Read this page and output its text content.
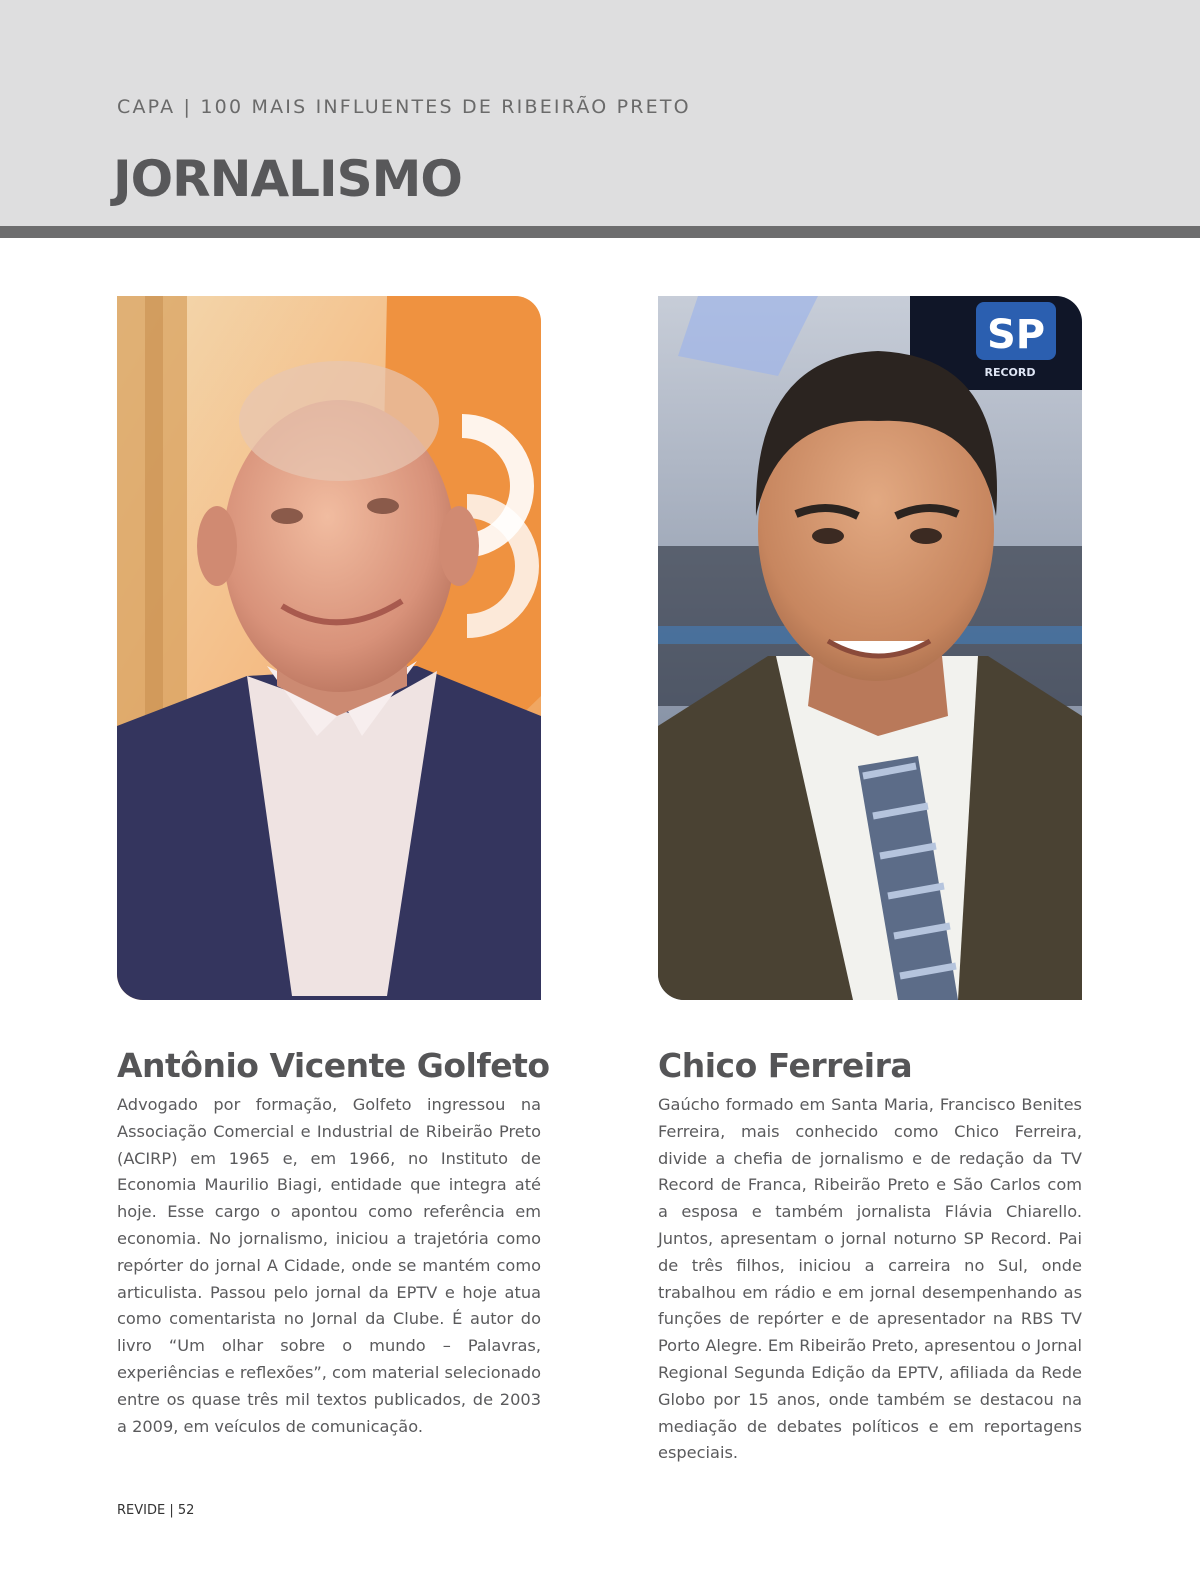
CAPA | 100 MAIS INFLUENTES DE RIBEIRÃO PRETO
JORNALISMO
SP
RECORD
Antônio Vicente Golfeto

Advogado por formação, Golfeto ingressou na Associação Comercial e Industrial de Ribeirão Preto (ACIRP) em 1965 e, em 1966, no Instituto de Economia Maurilio Biagi, entidade que integra até hoje. Esse cargo o apontou como referência em economia. No jornalismo, iniciou a trajetória como repórter do jornal A Cidade, onde se mantém como articulista. Passou pelo jornal da EPTV e hoje atua como comentarista no Jornal da Clube. É autor do livro “Um olhar sobre o mundo – Palavras, experiências e reflexões”, com material selecionado entre os quase três mil textos publicados, de 2003 a 2009, em veículos de comunicação.

Chico Ferreira

Gaúcho formado em Santa Maria, Francisco Benites Ferreira, mais conhecido como Chico Ferreira, divide a chefia de jornalismo e de redação da TV Record de Franca, Ribeirão Preto e São Carlos com a esposa e também jornalista Flávia Chiarello. Juntos, apresentam o jornal noturno SP Record. Pai de três filhos, iniciou a carreira no Sul, onde trabalhou em rádio e em jornal desempenhando as funções de repórter e de apresentador na RBS TV Porto Alegre. Em Ribeirão Preto, apresentou o Jornal Regional Segunda Edição da EPTV, afiliada da Rede Globo por 15 anos, onde também se destacou na mediação de debates políticos e em reportagens especiais.

REVIDE | 52
